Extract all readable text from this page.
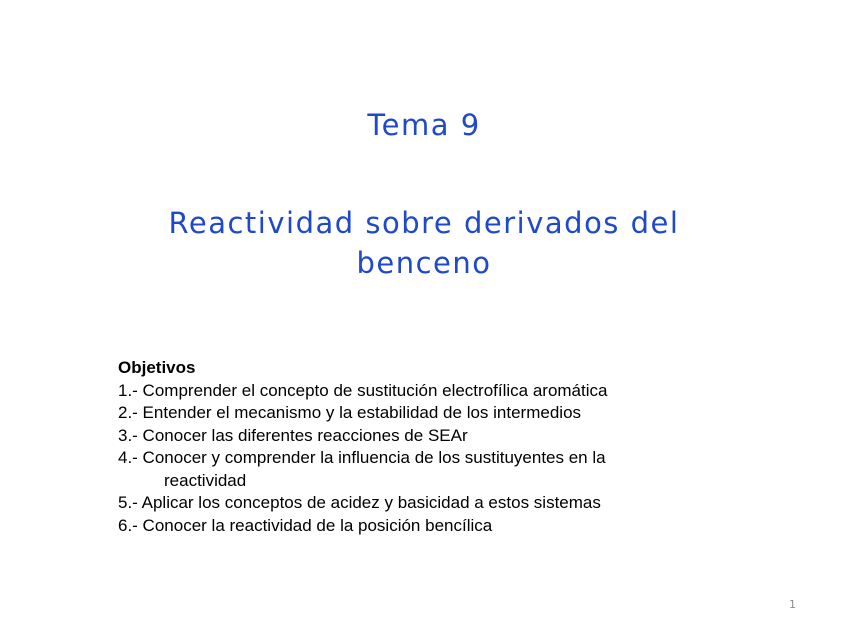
Tema 9
Reactividad sobre derivados del
benceno
Objetivos
1.- Comprender el concepto de sustitución electrofílica aromática
2.- Entender el mecanismo y la estabilidad de los intermedios
3.- Conocer las diferentes reacciones de SEAr
4.- Conocer y comprender la influencia de los sustituyentes en la
reactividad
5.- Aplicar los conceptos de acidez y basicidad a estos sistemas
6.- Conocer la reactividad de la posición bencílica
1
